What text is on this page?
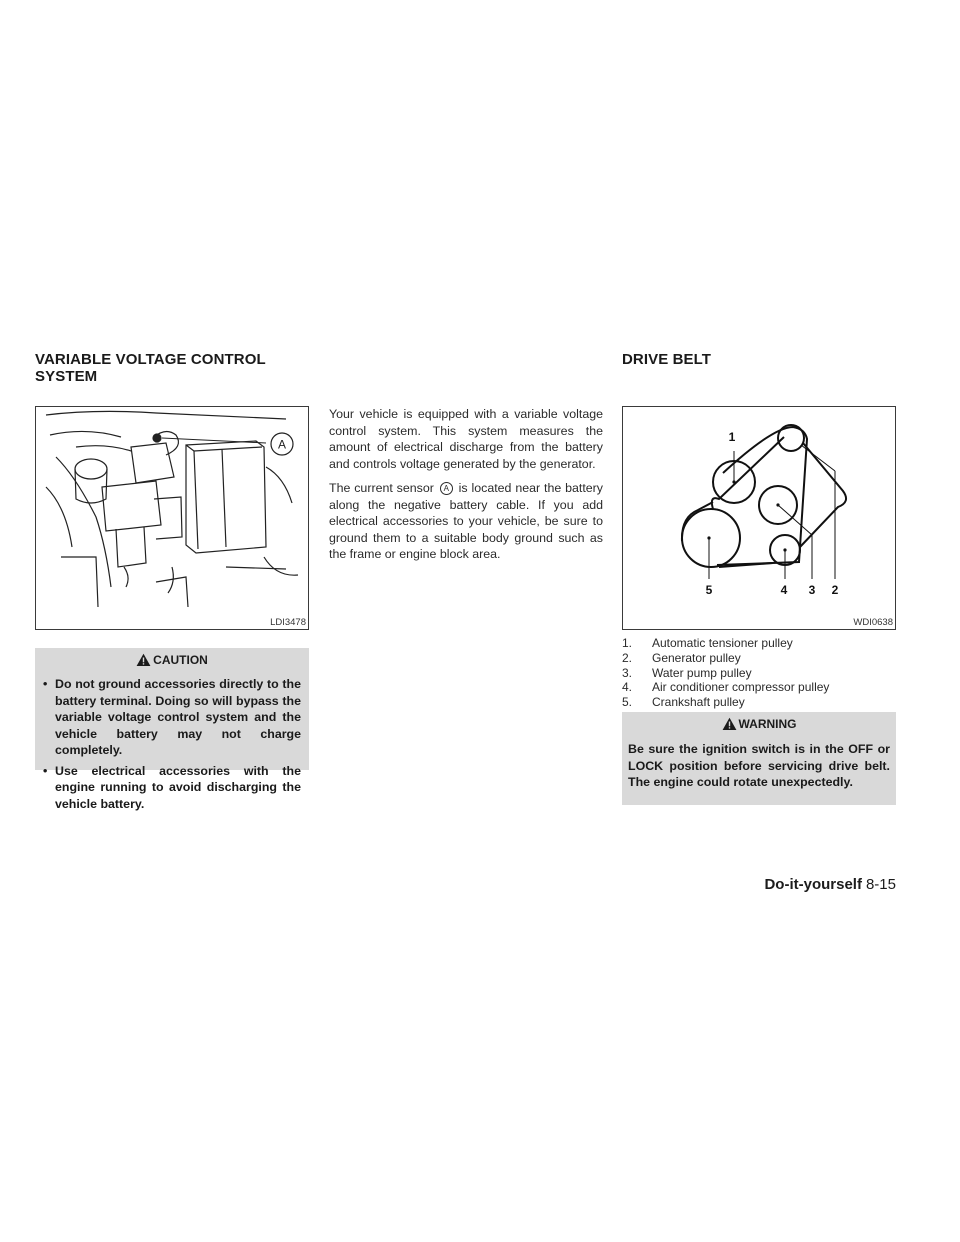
VARIABLE VOLTAGE CONTROL
SYSTEM
A
LDI3478
CAUTION
• Do not ground accessories directly to the battery terminal. Doing so will bypass the variable voltage control system and the vehicle battery may not charge completely.
• Use electrical accessories with the engine running to avoid discharging the vehicle battery.

Your vehicle is equipped with a variable voltage control system. This system measures the amount of electrical discharge from the battery and controls voltage generated by the generator.

The current sensor A is located near the battery along the negative battery cable. If you add electrical accessories to your vehicle, be sure to ground them to a suitable body ground such as the frame or engine block area.

DRIVE BELT
1
2
3
4
5
WDI0638
1.	Automatic tensioner pulley
2.	Generator pulley
3.	Water pump pulley
4.	Air conditioner compressor pulley
5.	Crankshaft pulley
WARNING
Be sure the ignition switch is in the OFF or LOCK position before servicing drive belt. The engine could rotate unexpectedly.
Do-it-yourself 8-15
